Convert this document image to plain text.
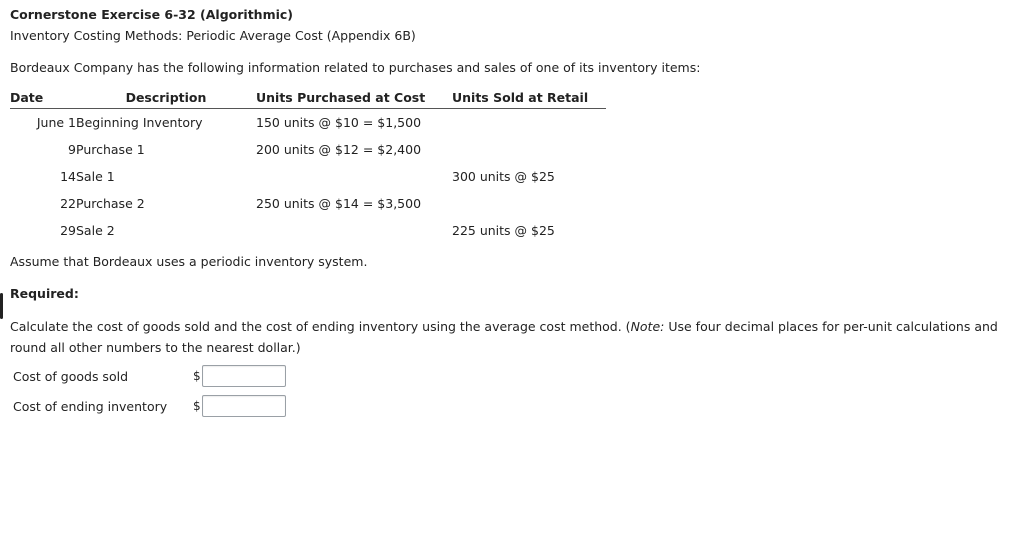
Cornerstone Exercise 6-32 (Algorithmic)
Inventory Costing Methods: Periodic Average Cost (Appendix 6B)
Bordeaux Company has the following information related to purchases and sales of one of its inventory items:
Date	Description	Units Purchased at Cost	Units Sold at Retail
June 1	Beginning Inventory	150 units @ $10 = $1,500	
9	Purchase 1	200 units @ $12 = $2,400	
14	Sale 1		300 units @ $25
22	Purchase 2	250 units @ $14 = $3,500	
29	Sale 2		225 units @ $25
Assume that Bordeaux uses a periodic inventory system.
Required:
Calculate the cost of goods sold and the cost of ending inventory using the average cost method. (Note: Use four decimal places for per-unit calculations and round all other numbers to the nearest dollar.)
Cost of goods sold	$
Cost of ending inventory	$
